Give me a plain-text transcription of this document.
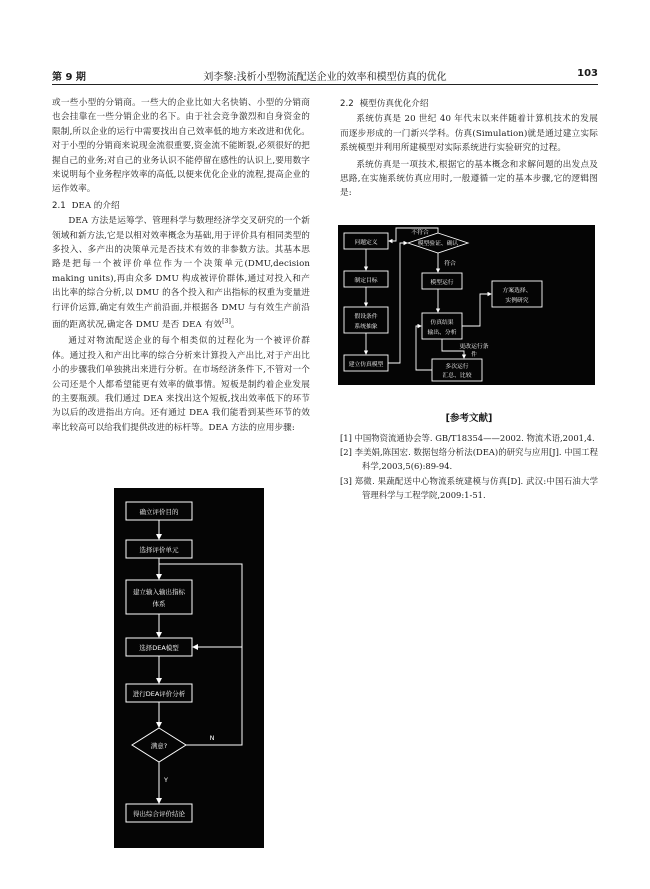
第 9 期	刘李黎:浅析小型物流配送企业的效率和模型仿真的优化	103

或一些小型的分销商。一些大的企业比如大名快销、小型的分销商也会挂靠在一些分销企业的名下。由于社会竞争激烈和自身资金的限制,所以企业的运行中需要找出自己效率低的地方来改进和优化。对于小型的分销商来说现金流很重要,资金流不能断裂,必须很好的把握自己的业务;对自己的业务认识不能停留在感性的认识上,要用数字来说明每个业务程序效率的高低,以便来优化企业的流程,提高企业的运作效率。

2.1 DEA 的介绍

DEA 方法是运筹学、管理科学与数理经济学交叉研究的一个新领域和新方法,它是以相对效率概念为基础,用于评价具有相同类型的多投入、多产出的决策单元是否技术有效的非参数方法。其基本思路是把每一个被评价单位作为一个决策单元(DMU,decision making units),再由众多 DMU 构成被评价群体,通过对投入和产出比率的综合分析,以 DMU 的各个投入和产出指标的权重为变量进行评价运算,确定有效生产前沿面,并根据各 DMU 与有效生产前沿面的距离状况,确定各 DMU 是否 DEA 有效[3]。

通过对物流配送企业的每个相类似的过程化为一个被评价群体。通过投入和产出比率的综合分析来计算投入产出比,对于产出比小的步骤我们单独挑出来进行分析。在市场经济条件下,不管对一个公司还是个人都希望能更有效率的做事情。短板是制约着企业发展的主要瓶颈。我们通过 DEA 来找出这个短板,找出效率低下的环节为以后的改进指出方向。还有通过 DEA 我们能看到某些环节的效率比较高可以给我们提供改进的标杆等。DEA 方法的应用步骤:

确立评价目的
选择评价单元
建立输入输出指标
体系
选择DEA模型
进行DEA评价分析
满意?
得出综合评价结论
N
Y
2.2 模型仿真优化介绍

系统仿真是 20 世纪 40 年代末以来伴随着计算机技术的发展而逐步形成的一门新兴学科。仿真(Simulation)就是通过建立实际系统模型并利用所建模型对实际系统进行实验研究的过程。

系统仿真是一项技术,根据它的基本概念和求解问题的出发点及思路,在实施系统仿真应用时,一般遵循一定的基本步骤,它的逻辑图是:

问题定义
不符合
模型验证、确认
符合
制定目标	模型运行
方案选择、
实例研究
假设条件
系统抽象
仿真结果
输出、分析
更改运行条
件
建立仿真模型	多次运行
汇总、比较
[参考文献]
[1] 中国物资流通协会等. GB/T18354——2002. 物流术语,2001,4.
[2] 李美娟,陈国宏. 数据包络分析法(DEA)的研究与应用[J]. 中国工程科学,2003,5(6):89-94.
[3] 郑微. 果蔬配送中心物流系统建模与仿真[D]. 武汉:中国石油大学管理科学与工程学院,2009:1-51.
